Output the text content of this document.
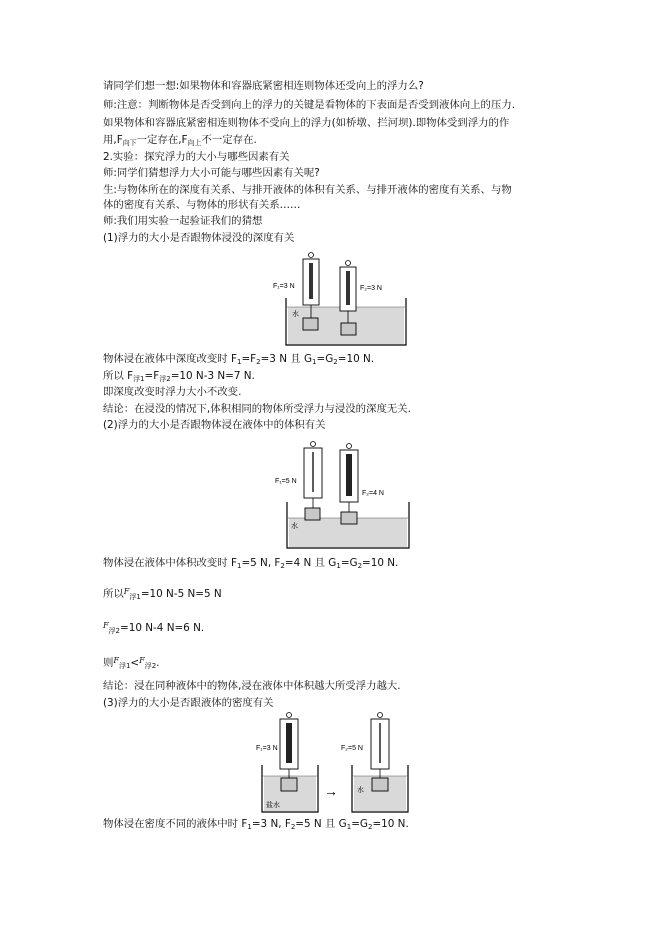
请同学们想一想:如果物体和容器底紧密相连则物体还受向上的浮力么?
师:注意：判断物体是否受到向上的浮力的关键是看物体的下表面是否受到液体向上的压力.
如果物体和容器底紧密相连则物体不受向上的浮力(如桥墩、拦河坝).即物体受到浮力的作
用$,F_{向下}$一定存在$,F_{向上}$不一定存在.
2.实验：探究浮力的大小与哪些因素有关
师:同学们猜想浮力大小可能与哪些因素有关呢?
生:与物体所在的深度有关系、与排开液体的体积有关系、与排开液体的密度有关系、与物
体的密度有关系、与物体的形状有关系……
师:我们用实验一起验证我们的猜想
(1)浮力的大小是否跟物体浸没的深度有关
F₁=3 N	F₂=3 N
水
物体浸在液体中深度改变时 $F_1=F_2=3$ N 且 $G_1=G_2=10$ N.
所以 $F_{浮1}=F_{浮2}=10$ N-3 N=7 N.
即深度改变时浮力大小不改变.
结论：在浸没的情况下,体积相同的物体所受浮力与浸没的深度无关.
(2)浮力的大小是否跟物体浸在液体中的体积有关
F₁=5 N
F₂=4 N
水
物体浸在液体中体积改变时 $F_1=5$ N, $F_2=4$ N 且 $G_1=G_2=10$ N.
所以$^F_{浮1}$=10 N-5 N=5 N
$^F_{浮2}$=10 N-4 N=6 N.
则$^F_{浮1}$<$^F_{浮2}$.
结论：浸在同种液体中的物体,浸在液体中体积越大所受浮力越大.
(3)浮力的大小是否跟液体的密度有关
F₁=3 N
盐水
→
F₂=5 N
水
物体浸在密度不同的液体中时 $F_1=3$ N, $F_2=5$ N 且 $G_1=G_2=10$ N.
